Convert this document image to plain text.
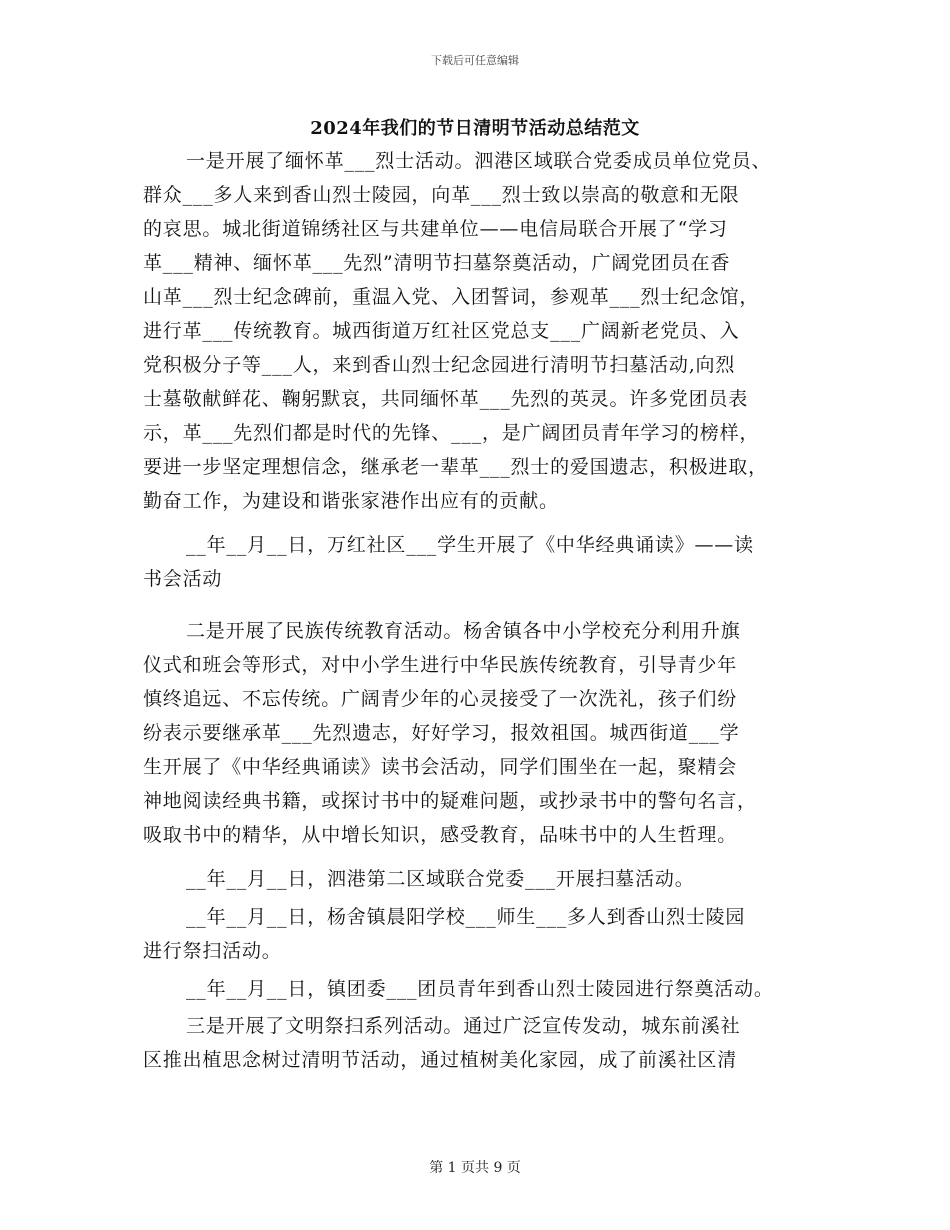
下载后可任意编辑
2024年我们的节日清明节活动总结范文
一是开展了缅怀革___烈士活动。泗港区域联合党委成员单位党员、
群众___多人来到香山烈士陵园，向革___烈士致以崇高的敬意和无限
的哀思。城北街道锦绣社区与共建单位——电信局联合开展了“学习
革___精神、缅怀革___先烈”清明节扫墓祭奠活动，广阔党团员在香
山革___烈士纪念碑前，重温入党、入团誓词，参观革___烈士纪念馆，
进行革___传统教育。城西街道万红社区党总支___广阔新老党员、入
党积极分子等___人，来到香山烈士纪念园进行清明节扫墓活动,向烈
士墓敬献鲜花、鞠躬默哀，共同缅怀革___先烈的英灵。许多党团员表
示，革___先烈们都是时代的先锋、___，是广阔团员青年学习的榜样，
要进一步坚定理想信念，继承老一辈革___烈士的爱国遗志，积极进取，
勤奋工作，为建设和谐张家港作出应有的贡献。
__年__月__日，万红社区___学生开展了《中华经典诵读》——读
书会活动
二是开展了民族传统教育活动。杨舍镇各中小学校充分利用升旗
仪式和班会等形式，对中小学生进行中华民族传统教育，引导青少年
慎终追远、不忘传统。广阔青少年的心灵接受了一次洗礼，孩子们纷
纷表示要继承革___先烈遗志，好好学习，报效祖国。城西街道___学
生开展了《中华经典诵读》读书会活动，同学们围坐在一起，聚精会
神地阅读经典书籍，或探讨书中的疑难问题，或抄录书中的警句名言，
吸取书中的精华，从中增长知识，感受教育，品味书中的人生哲理。
__年__月__日，泗港第二区域联合党委___开展扫墓活动。
__年__月__日，杨舍镇晨阳学校___师生___多人到香山烈士陵园
进行祭扫活动。
__年__月__日，镇团委___团员青年到香山烈士陵园进行祭奠活动。
三是开展了文明祭扫系列活动。通过广泛宣传发动，城东前溪社
区推出植思念树过清明节活动，通过植树美化家园，成了前溪社区清
第 1 页共 9 页
